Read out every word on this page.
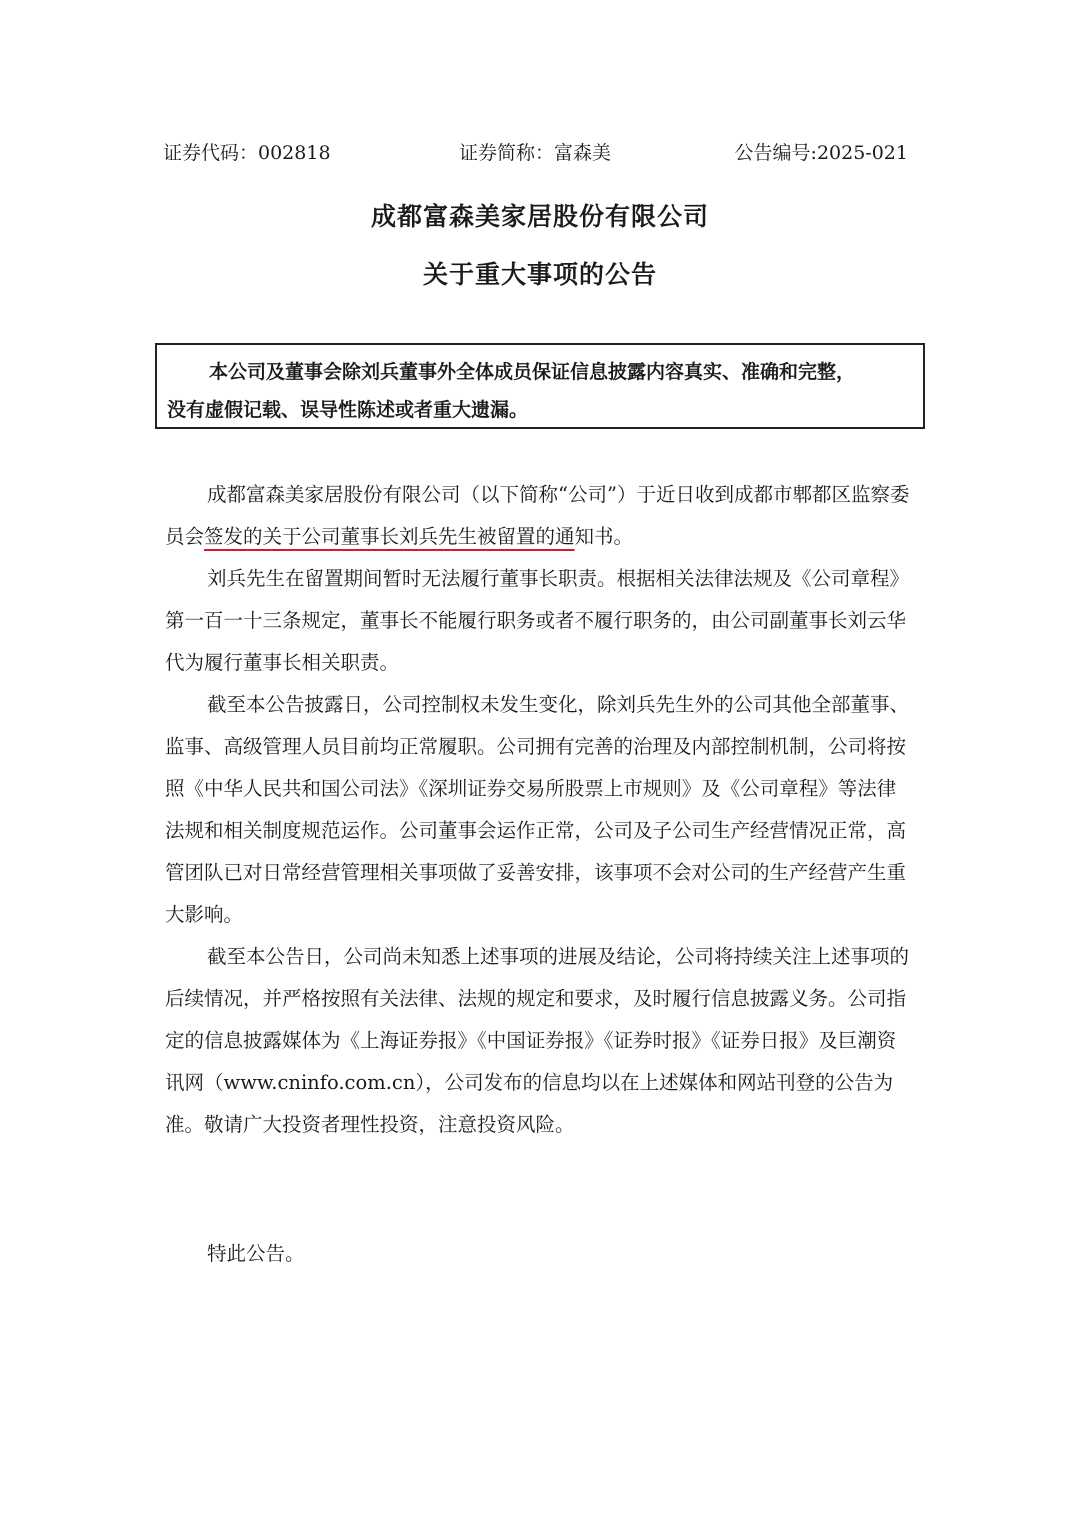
证券代码：002818	证券简称：富森美	公告编号:2025-021
成都富森美家居股份有限公司
关于重大事项的公告
本公司及董事会除刘兵董事外全体成员保证信息披露内容真实、准确和完整，
没有虚假记载、误导性陈述或者重大遗漏。

成都富森美家居股份有限公司（以下简称“公司”）于近日收到成都市郫都区监察委员会签发的关于公司董事长刘兵先生被留置的通知书。

刘兵先生在留置期间暂时无法履行董事长职责。根据相关法律法规及《公司章程》第一百一十三条规定，董事长不能履行职务或者不履行职务的，由公司副董事长刘云华代为履行董事长相关职责。

截至本公告披露日，公司控制权未发生变化，除刘兵先生外的公司其他全部董事、监事、高级管理人员目前均正常履职。公司拥有完善的治理及内部控制机制，公司将按照《中华人民共和国公司法》《深圳证券交易所股票上市规则》及《公司章程》等法律法规和相关制度规范运作。公司董事会运作正常，公司及子公司生产经营情况正常，高管团队已对日常经营管理相关事项做了妥善安排，该事项不会对公司的生产经营产生重大影响。

截至本公告日，公司尚未知悉上述事项的进展及结论，公司将持续关注上述事项的后续情况，并严格按照有关法律、法规的规定和要求，及时履行信息披露义务。公司指定的信息披露媒体为《上海证券报》《中国证券报》《证券时报》《证券日报》及巨潮资讯网（www.cninfo.com.cn），公司发布的信息均以在上述媒体和网站刊登的公告为准。敬请广大投资者理性投资，注意投资风险。

特此公告。
